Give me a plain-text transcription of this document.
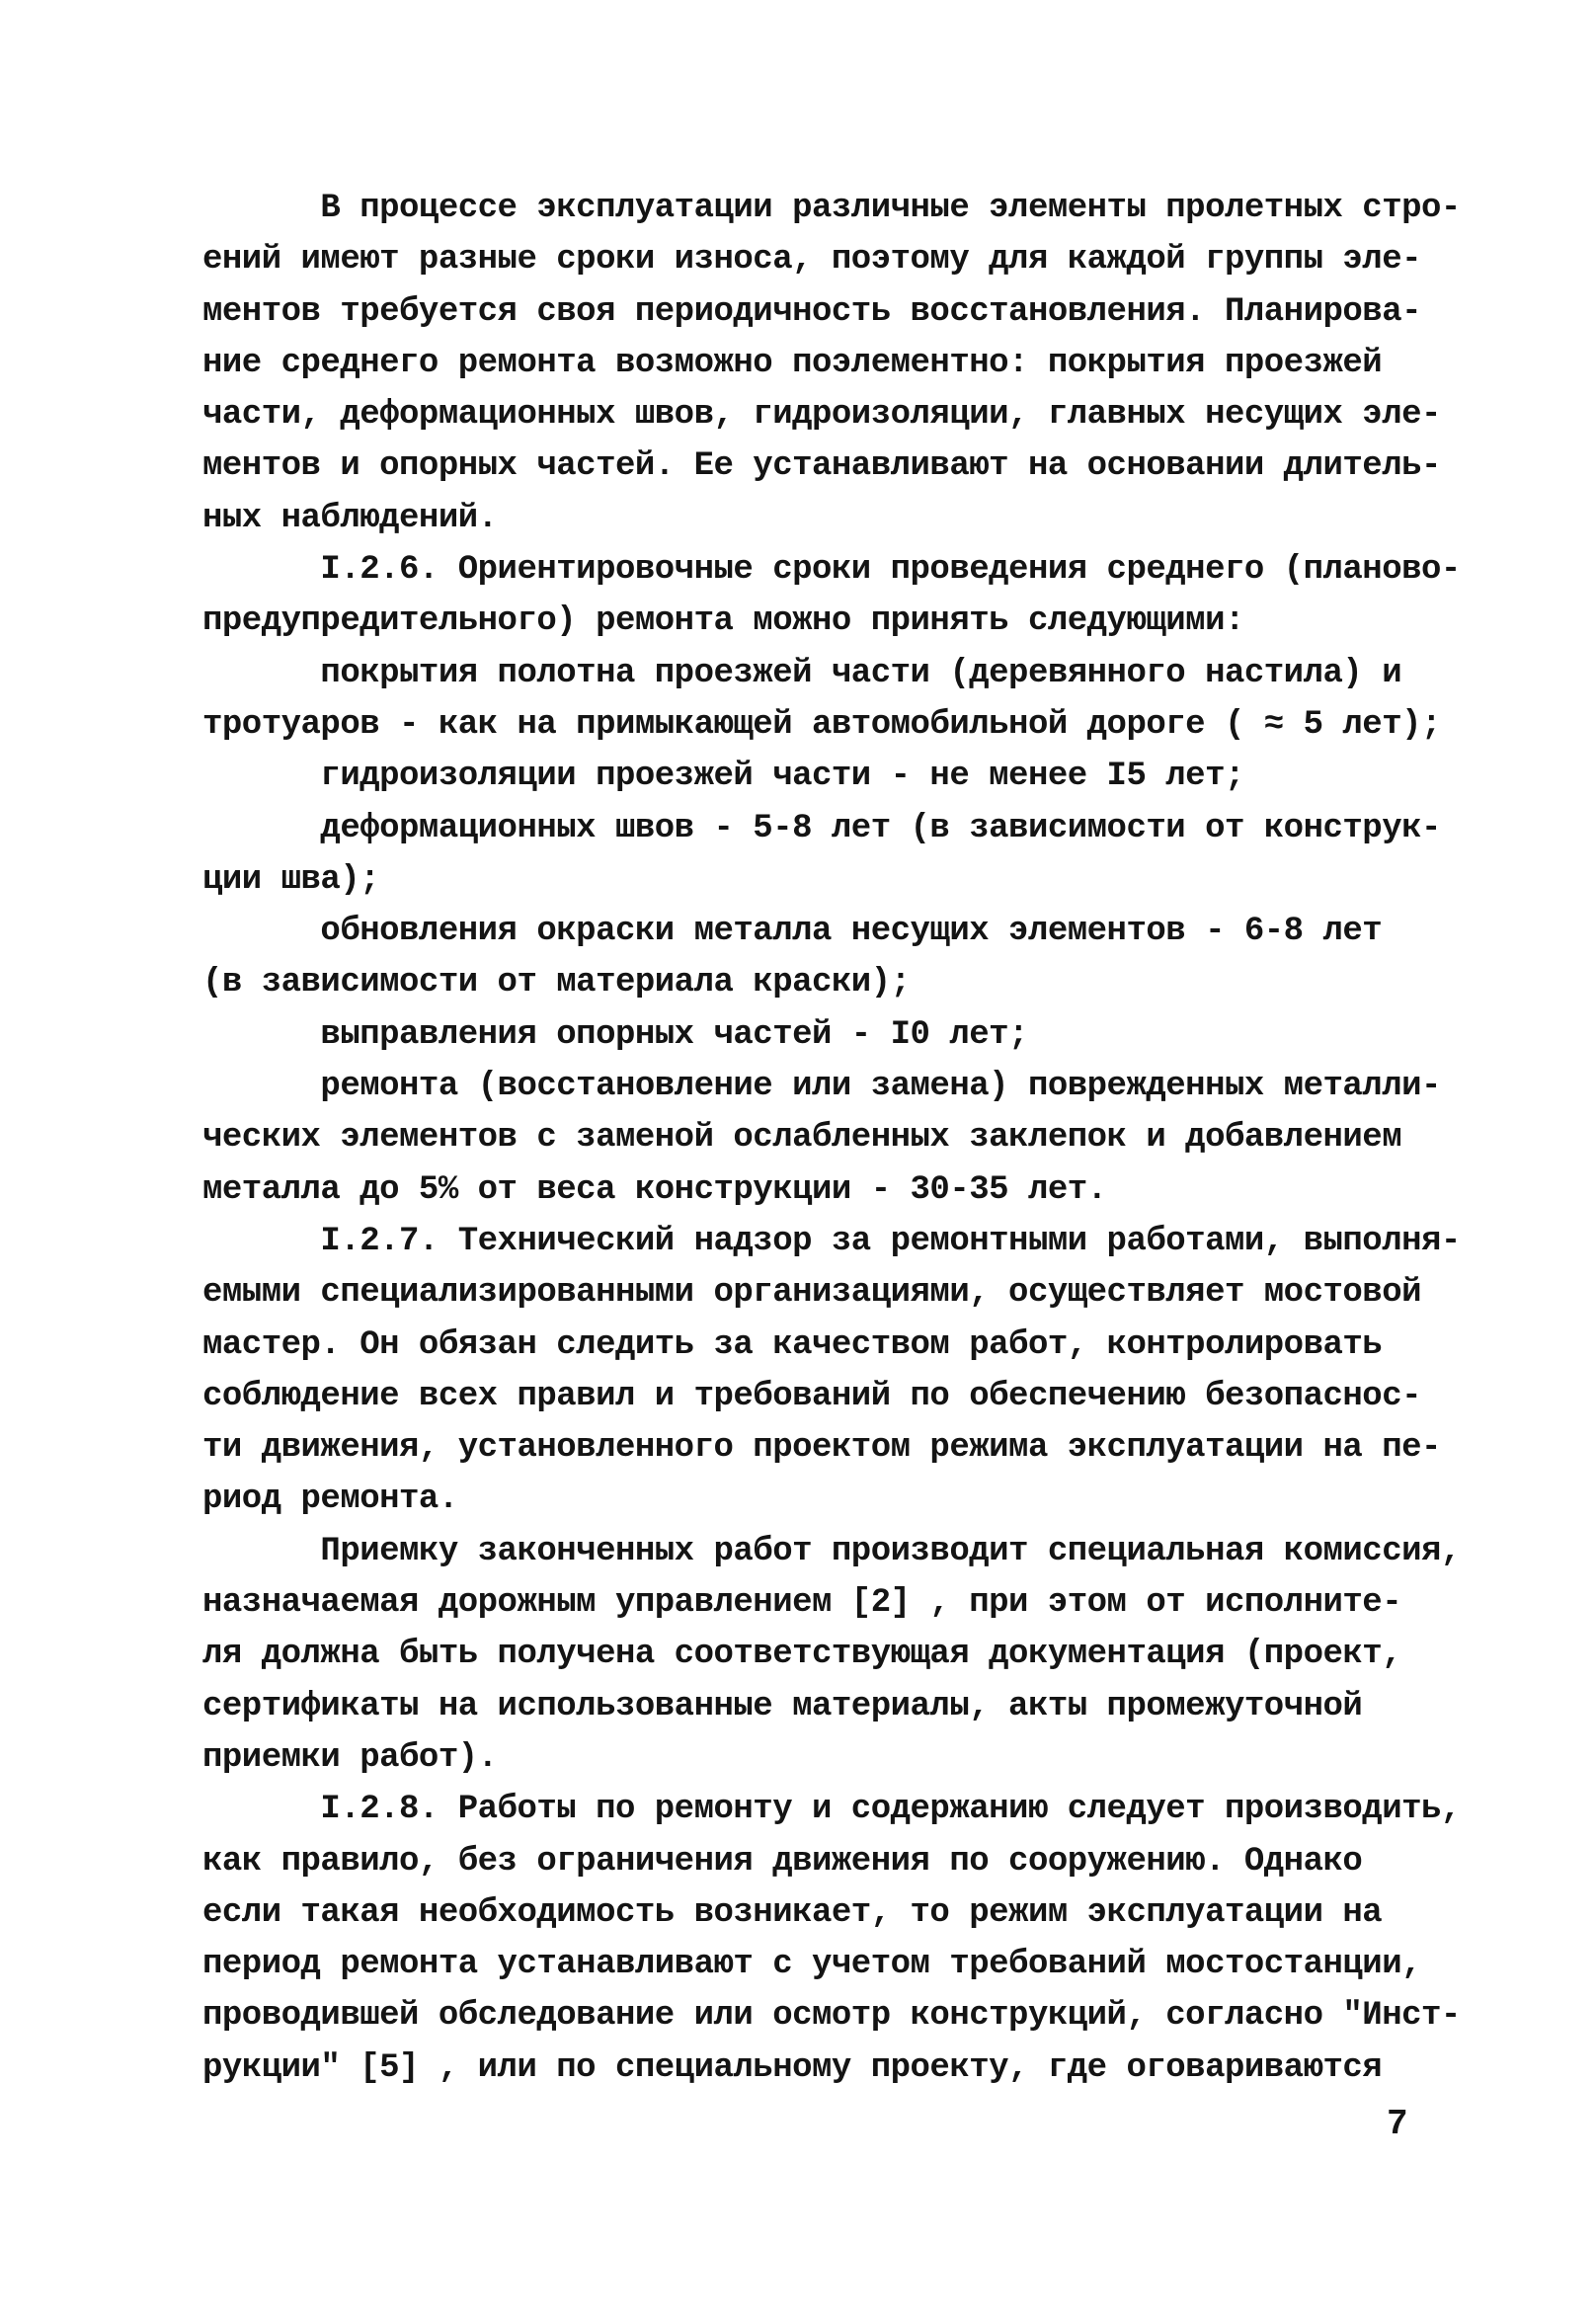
В процессе эксплуатации различные элементы пролетных стро-
ений имеют разные сроки износа, поэтому для каждой группы эле-
ментов требуется своя периодичность восстановления. Планирова-
ние среднего ремонта возможно поэлементно: покрытия проезжей
части, деформационных швов, гидроизоляции, главных несущих эле-
ментов и опорных частей. Ее устанавливают на основании длитель-
ных наблюдений.
I.2.6. Ориентировочные сроки проведения среднего (планово-
предупредительного) ремонта можно принять следующими:
покрытия полотна проезжей части (деревянного настила) и
тротуаров - как на примыкающей автомобильной дороге ( ≈ 5 лет);
гидроизоляции проезжей части - не менее I5 лет;
деформационных швов - 5-8 лет (в зависимости от конструк-
ции шва);
обновления окраски металла несущих элементов - 6-8 лет
(в зависимости от материала краски);
выправления опорных частей - I0 лет;
ремонта (восстановление или замена) поврежденных металли-
ческих элементов с заменой ослабленных заклепок и добавлением
металла до 5% от веса конструкции - 30-35 лет.
I.2.7. Технический надзор за ремонтными работами, выполня-
емыми специализированными организациями, осуществляет мостовой
мастер. Он обязан следить за качеством работ, контролировать
соблюдение всех правил и требований по обеспечению безопаснос-
ти движения, установленного проектом режима эксплуатации на пе-
риод ремонта.
Приемку законченных работ производит специальная комиссия,
назначаемая дорожным управлением [2] , при этом от исполните-
ля должна быть получена соответствующая документация (проект,
сертификаты на использованные материалы, акты промежуточной
приемки работ).
I.2.8. Работы по ремонту и содержанию следует производить,
как правило, без ограничения движения по сооружению. Однако
если такая необходимость возникает, то режим эксплуатации на
период ремонта устанавливают с учетом требований мостостанции,
проводившей обследование или осмотр конструкций, согласно "Инст-
рукции" [5] , или по специальному проекту, где оговариваются
7
